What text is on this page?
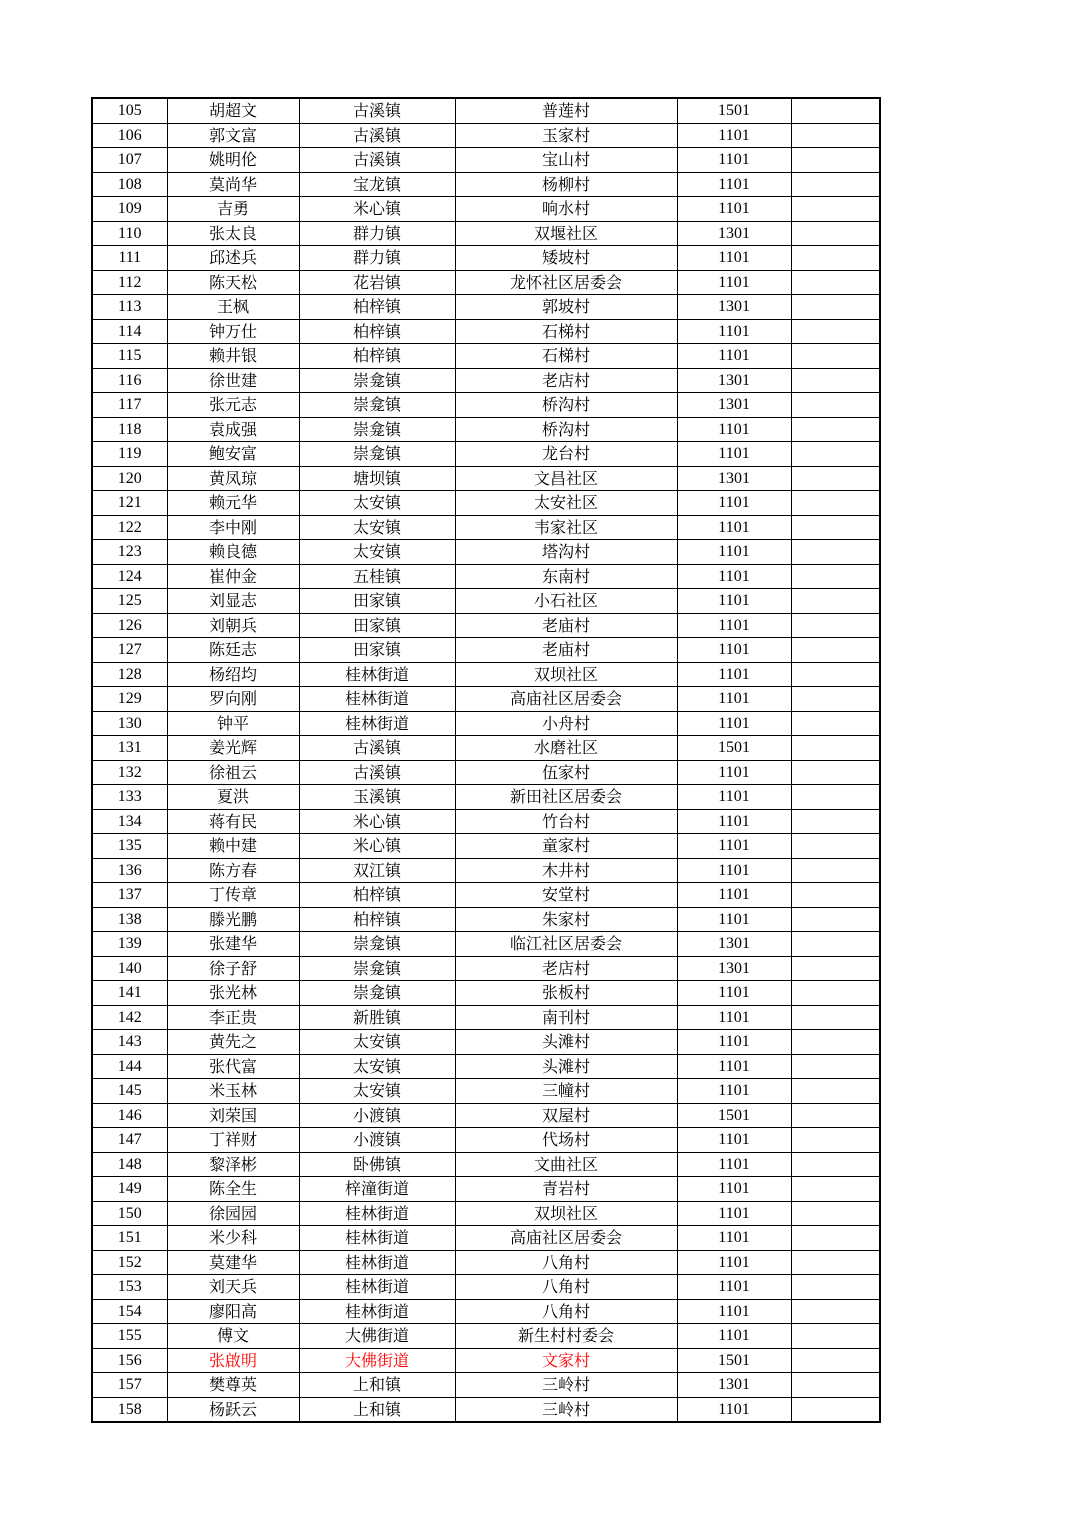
105	胡超文	古溪镇	普莲村	1501	
106	郭文富	古溪镇	玉家村	1101	
107	姚明伦	古溪镇	宝山村	1101	
108	莫尚华	宝龙镇	杨柳村	1101	
109	吉勇	米心镇	响水村	1101	
110	张太良	群力镇	双堰社区	1301	
111	邱述兵	群力镇	矮坡村	1101	
112	陈天松	花岩镇	龙怀社区居委会	1101	
113	王枫	柏梓镇	郭坡村	1301	
114	钟万仕	柏梓镇	石梯村	1101	
115	赖井银	柏梓镇	石梯村	1101	
116	徐世建	崇龛镇	老店村	1301	
117	张元志	崇龛镇	桥沟村	1301	
118	袁成强	崇龛镇	桥沟村	1101	
119	鲍安富	崇龛镇	龙台村	1101	
120	黄凤琼	塘坝镇	文昌社区	1301	
121	赖元华	太安镇	太安社区	1101	
122	李中刚	太安镇	韦家社区	1101	
123	赖良德	太安镇	塔沟村	1101	
124	崔仲金	五桂镇	东南村	1101	
125	刘显志	田家镇	小石社区	1101	
126	刘朝兵	田家镇	老庙村	1101	
127	陈廷志	田家镇	老庙村	1101	
128	杨绍均	桂林街道	双坝社区	1101	
129	罗向刚	桂林街道	高庙社区居委会	1101	
130	钟平	桂林街道	小舟村	1101	
131	姜光辉	古溪镇	水磨社区	1501	
132	徐祖云	古溪镇	伍家村	1101	
133	夏洪	玉溪镇	新田社区居委会	1101	
134	蒋有民	米心镇	竹台村	1101	
135	赖中建	米心镇	童家村	1101	
136	陈方春	双江镇	木井村	1101	
137	丁传章	柏梓镇	安堂村	1101	
138	滕光鹏	柏梓镇	朱家村	1101	
139	张建华	崇龛镇	临江社区居委会	1301	
140	徐子舒	崇龛镇	老店村	1301	
141	张光林	崇龛镇	张板村	1101	
142	李正贵	新胜镇	南刊村	1101	
143	黄先之	太安镇	头滩村	1101	
144	张代富	太安镇	头滩村	1101	
145	米玉林	太安镇	三幢村	1101	
146	刘荣国	小渡镇	双屋村	1501	
147	丁祥财	小渡镇	代场村	1101	
148	黎泽彬	卧佛镇	文曲社区	1101	
149	陈全生	梓潼街道	青岩村	1101	
150	徐园园	桂林街道	双坝社区	1101	
151	米少科	桂林街道	高庙社区居委会	1101	
152	莫建华	桂林街道	八角村	1101	
153	刘天兵	桂林街道	八角村	1101	
154	廖阳高	桂林街道	八角村	1101	
155	傅文	大佛街道	新生村村委会	1101	
156	张啟明	大佛街道	文家村	1501	
157	樊尊英	上和镇	三岭村	1301	
158	杨跃云	上和镇	三岭村	1101	
